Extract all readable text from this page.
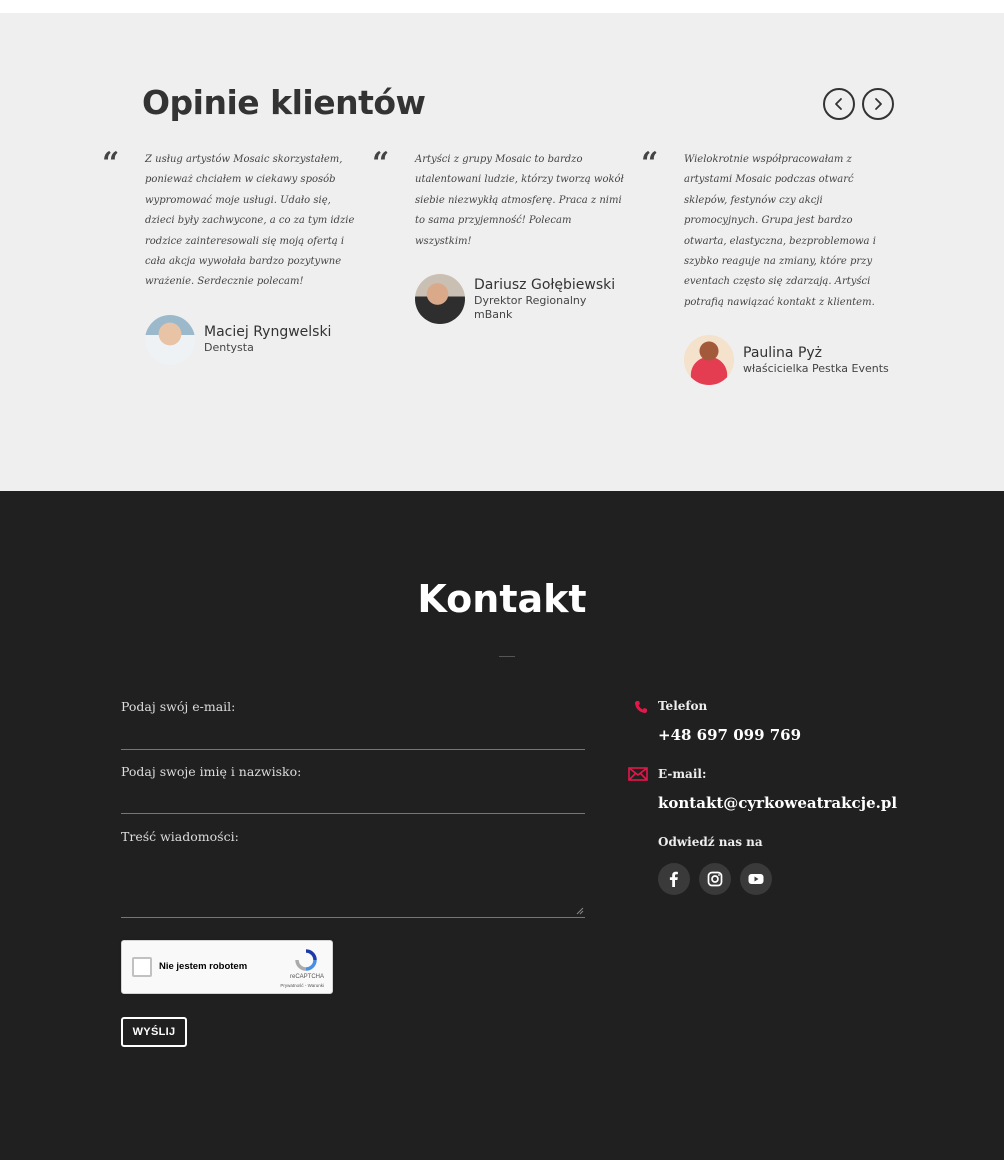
Opinie klientów
“	Z usług artystów Mosaic skorzystałem, ponieważ chciałem w ciekawy sposób wypromować moje usługi. Udało się, dzieci były zachwycone, a co za tym idzie rodzice zainteresowali się moją ofertą i cała akcja wywołała bardzo pozytywne wrażenie. Serdecznie polecam!

Maciej Ryngwelski
Dentysta
“	Artyści z grupy Mosaic to bardzo utalentowani ludzie, którzy tworzą wokół siebie niezwykłą atmosferę. Praca z nimi to sama przyjemność! Polecam wszystkim!

Dariusz Gołębiewski
Dyrektor Regionalny mBank
“	Wielokrotnie współpracowałam z artystami Mosaic podczas otwarć sklepów, festynów czy akcji promocyjnych. Grupa jest bardzo otwarta, elastyczna, bezproblemowa i szybko reaguje na zmiany, które przy eventach często się zdarzają. Artyści potrafią nawiązać kontakt z klientem.

Paulina Pyż
właścicielka Pestka Events
Kontakt
Podaj swój e-mail:
Podaj swoje imię i nazwisko:
Treść wiadomości:
Nie jestem robotem
reCAPTCHA
Prywatność - Warunki
WYŚLIJ
Telefon
+48 697 099 769
E-mail:
kontakt@cyrkoweatrakcje.pl
Odwiedź nas na
